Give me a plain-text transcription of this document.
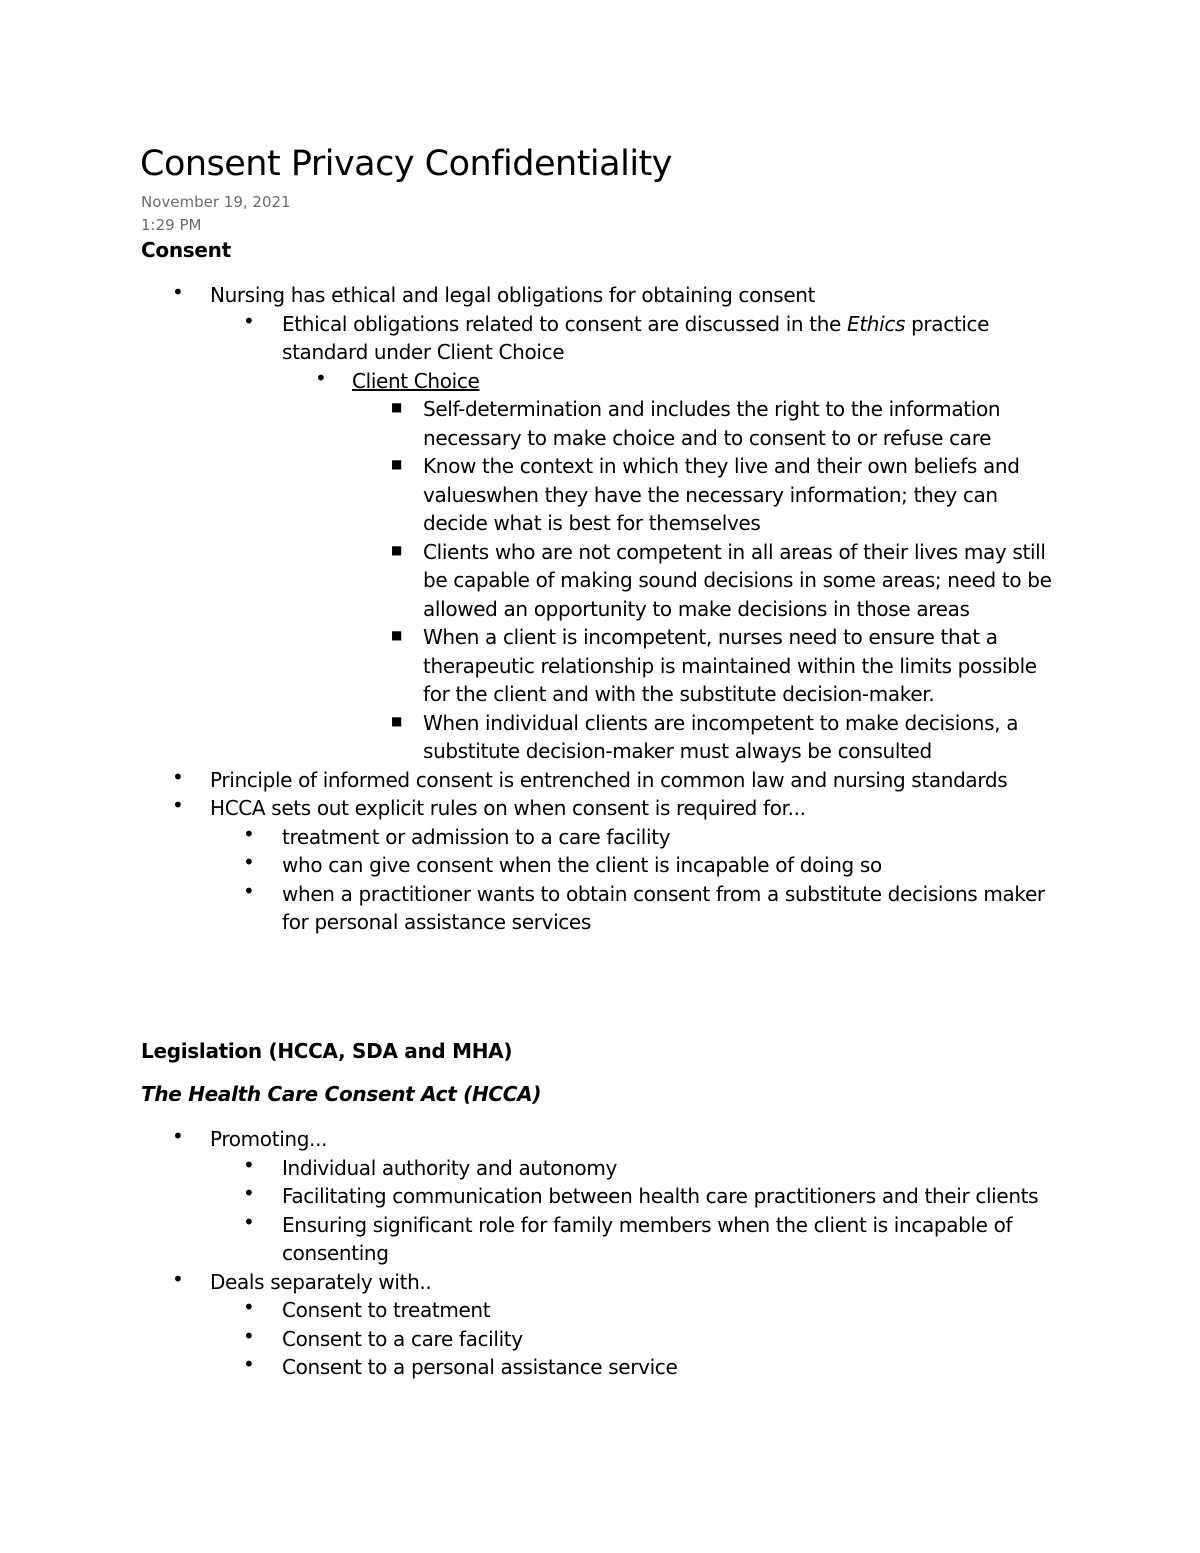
Consent Privacy Confidentiality
November 19, 2021
1:29 PM
Consent
• Nursing has ethical and legal obligations for obtaining consent
• Ethical obligations related to consent are discussed in the Ethics practice standard under Client Choice
• Client Choice
■ Self-determination and includes the right to the information necessary to make choice and to consent to or refuse care
■ Know the context in which they live and their own beliefs and valueswhen they have the necessary information; they can decide what is best for themselves
■ Clients who are not competent in all areas of their lives may still be capable of making sound decisions in some areas; need to be allowed an opportunity to make decisions in those areas
■ When a client is incompetent, nurses need to ensure that a therapeutic relationship is maintained within the limits possible for the client and with the substitute decision-maker.
■ When individual clients are incompetent to make decisions, a substitute decision-maker must always be consulted
• Principle of informed consent is entrenched in common law and nursing standards
• HCCA sets out explicit rules on when consent is required for...
• treatment or admission to a care facility
• who can give consent when the client is incapable of doing so
• when a practitioner wants to obtain consent from a substitute decisions maker for personal assistance services
Legislation (HCCA, SDA and MHA)
The Health Care Consent Act (HCCA)
• Promoting...
• Individual authority and autonomy
• Facilitating communication between health care practitioners and their clients
• Ensuring significant role for family members when the client is incapable of consenting
• Deals separately with..
• Consent to treatment
• Consent to a care facility
• Consent to a personal assistance service
